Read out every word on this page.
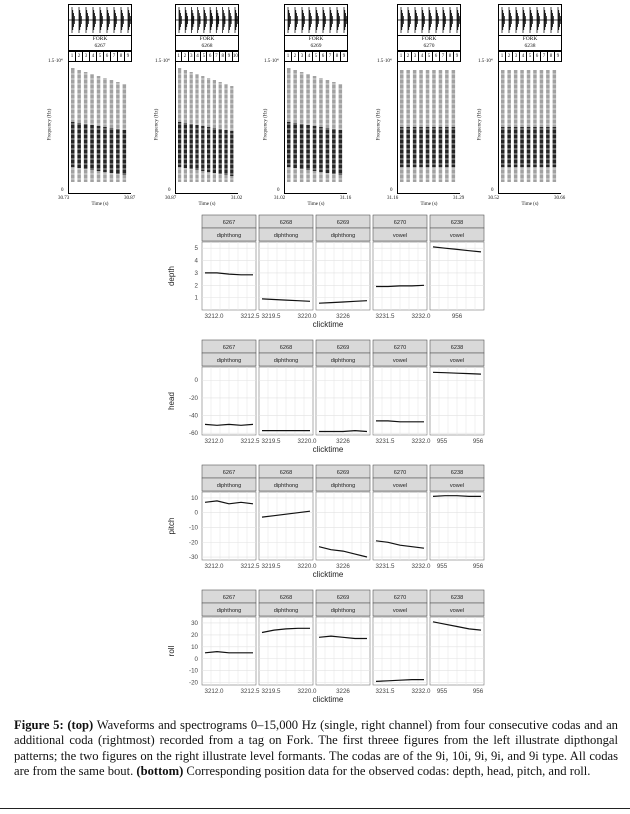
FORK
6267
1 2 3 4 5 6 7 8 9
1.5·10⁴
0
Frequency (Hz)
30.73	30.87
Time (s)
FORK
6268
1 2 3 4 5 6 7 8 9 10
1.5·10⁴
0
Frequency (Hz)
30.87	31.02
Time (s)
FORK
6269
1 2 3 4 5 6 7 8 9
1.5·10⁴
0
Frequency (Hz)
31.02	31.16
Time (s)
FORK
6270
1 2 3 4 5 6 7 8 9
1.5·10⁴
0
Frequency (Hz)
31.16	31.29
Time (s)
FORK
6238
1 2 3 4 5 6 7 8 9
1.5·10⁴
0
Frequency (Hz)
30.52	30.66
Time (s)
depth
1
2
3
4
5
6267
diphthong
3212.0	3212.5
6268
diphthong
3219.5	3220.0
6269
diphthong
3226
6270
vowel
3231.5	3232.0
6238
vowel
956
clicktime
head
-60
-40
-20
0
6267
diphthong
3212.0	3212.5
6268
diphthong
3219.5	3220.0
6269
diphthong
3226
6270
vowel
3231.5	3232.0
6238
vowel
955	956
clicktime
pitch
-30
-20
-10
0
10
6267
diphthong
3212.0	3212.5
6268
diphthong
3219.5	3220.0
6269
diphthong
3226
6270
vowel
3231.5	3232.0
6238
vowel
955	956
clicktime
roll
-20
-10
0
10
20
30
6267
diphthong
3212.0	3212.5
6268
diphthong
3219.5	3220.0
6269
diphthong
3226
6270
vowel
3231.5	3232.0
6238
vowel
955	956
clicktime
Figure 5: (top) Waveforms and spectrograms 0–15,000 Hz (single, right channel) from four consecutive codas and an additional coda (rightmost) recorded from a tag on Fork. The first threee figures from the left illustrate dipthongal patterns; the two figures on the right illustrate level formants. The codas are of the 9i, 10i, 9i, 9i, and 9i type. All codas are from the same bout. (bottom) Corresponding position data for the observed codas: depth, head, pitch, and roll.
